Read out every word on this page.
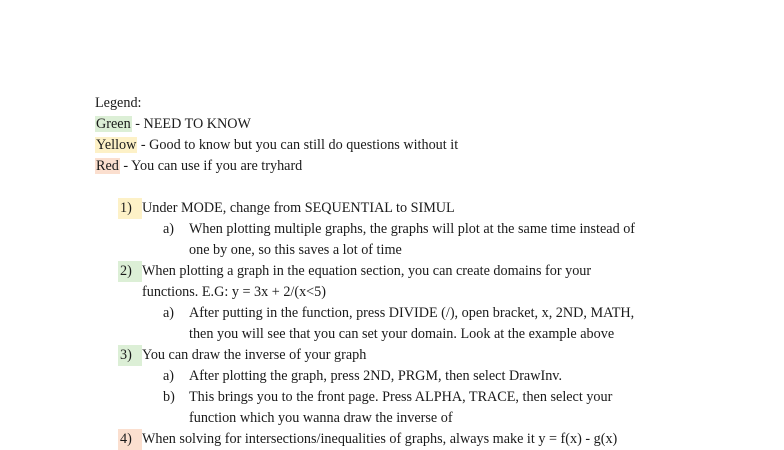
Legend:
Green - NEED TO KNOW
Yellow - Good to know but you can still do questions without it
Red - You can use if you are tryhard
1) Under MODE, change from SEQUENTIAL to SIMUL
a) When plotting multiple graphs, the graphs will plot at the same time instead of
one by one, so this saves a lot of time
2) When plotting a graph in the equation section, you can create domains for your
functions. E.G: y = 3x + 2/(x<5)
a) After putting in the function, press DIVIDE (/), open bracket, x, 2ND, MATH,
then you will see that you can set your domain. Look at the example above
3) You can draw the inverse of your graph
a) After plotting the graph, press 2ND, PRGM, then select DrawInv.
b) This brings you to the front page. Press ALPHA, TRACE, then select your
function which you wanna draw the inverse of
4) When solving for intersections/inequalities of graphs, always make it y = f(x) - g(x)
